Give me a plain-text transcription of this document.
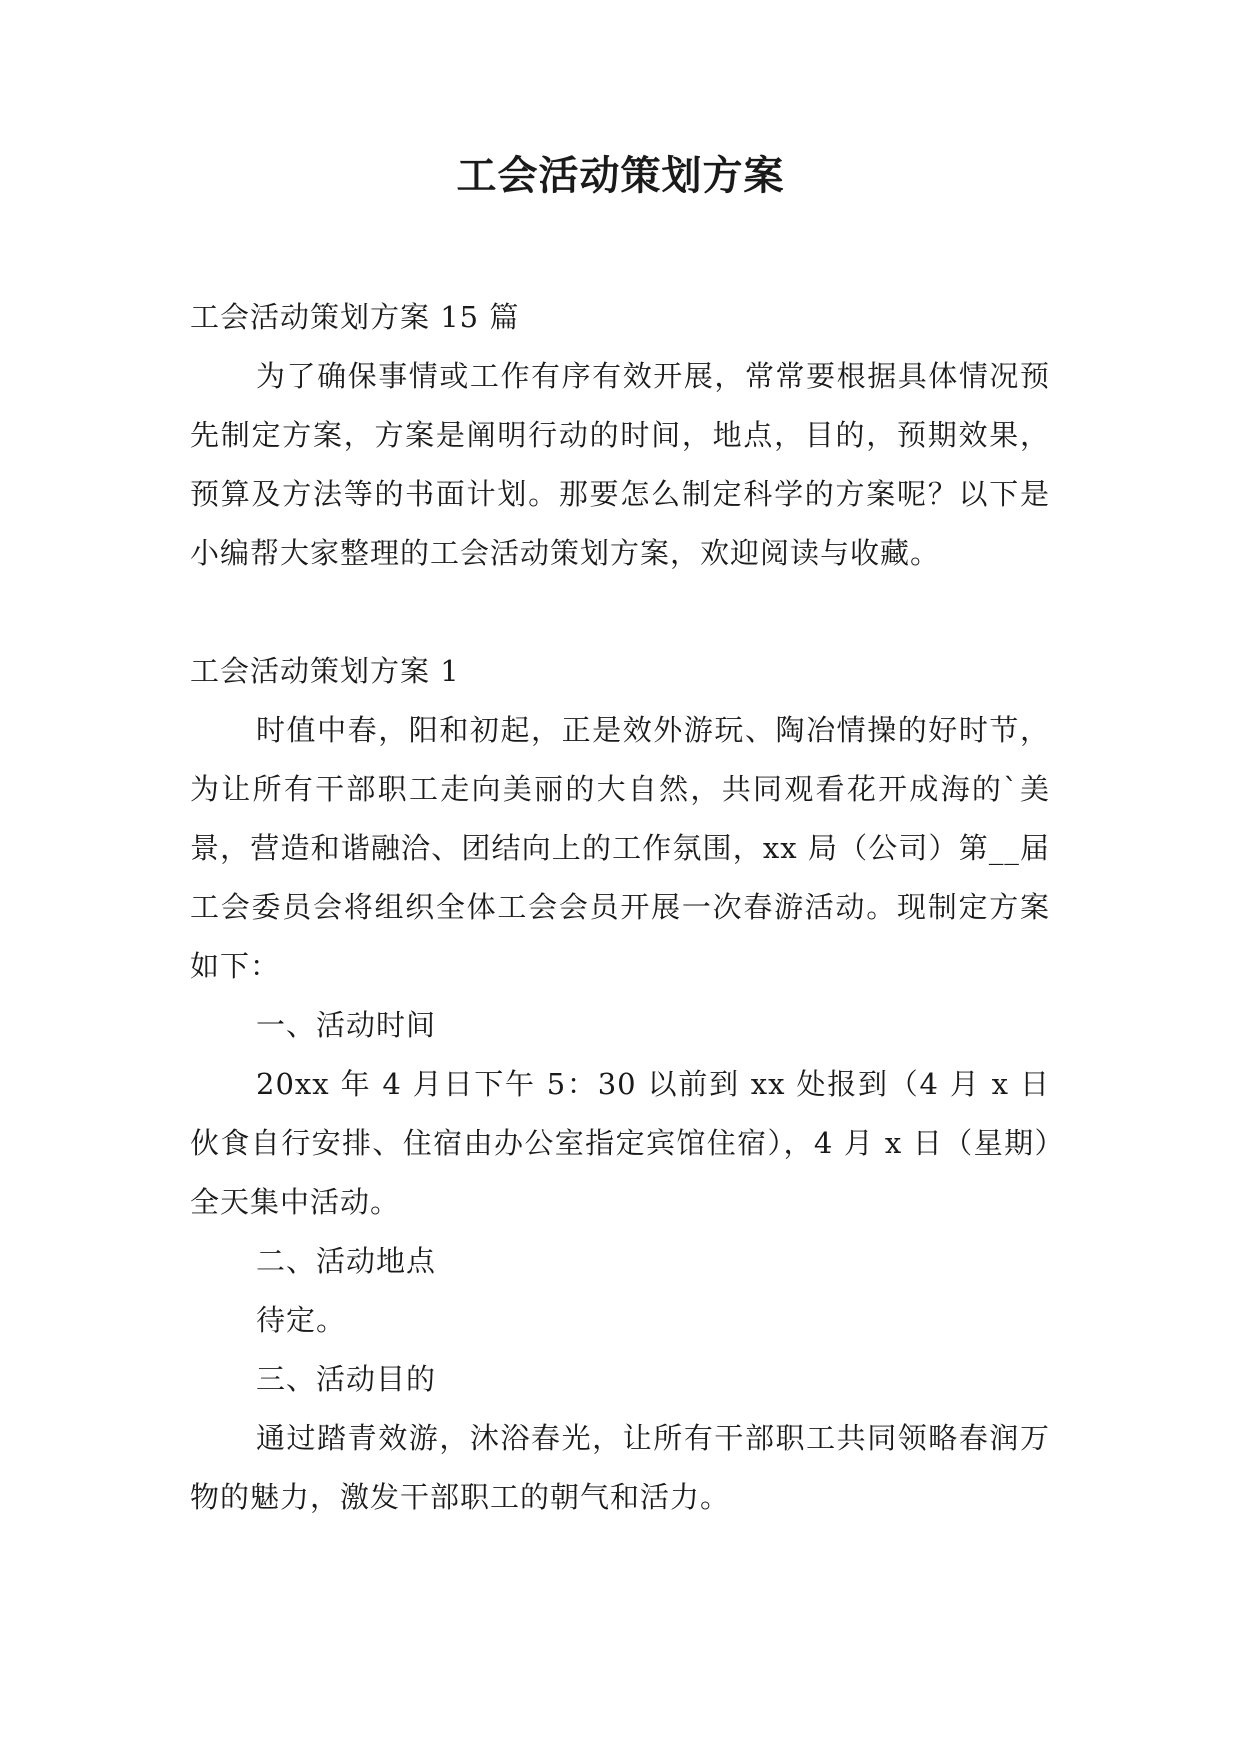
工会活动策划方案

工会活动策划方案 15 篇

为了确保事情或工作有序有效开展，常常要根据具体情况预先制定方案，方案是阐明行动的时间，地点，目的，预期效果，预算及方法等的书面计划。那要怎么制定科学的方案呢？以下是小编帮大家整理的工会活动策划方案，欢迎阅读与收藏。

工会活动策划方案 1

时值中春，阳和初起，正是效外游玩、陶冶情操的好时节，为让所有干部职工走向美丽的大自然，共同观看花开成海的`美景，营造和谐融洽、团结向上的工作氛围，xx 局（公司）第__届工会委员会将组织全体工会会员开展一次春游活动。现制定方案如下：

一、活动时间

20xx 年 4 月日下午 5：30 以前到 xx 处报到（4 月 x 日伙食自行安排、住宿由办公室指定宾馆住宿），4 月 x 日（星期）全天集中活动。

二、活动地点

待定。

三、活动目的

通过踏青效游，沐浴春光，让所有干部职工共同领略春润万物的魅力，激发干部职工的朝气和活力。
